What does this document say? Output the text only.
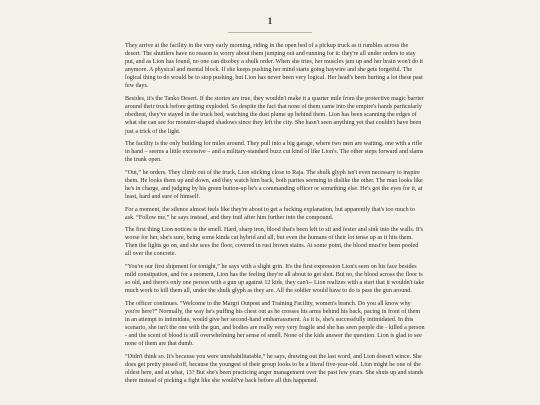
1

They arrive at the facility in the very early morning, riding in the open bed of a pickup truck as it rumbles across the desert. The shuttlers have no reason to worry about them jumping out and running for it: they're all under orders to stay put, and as Lion has found, no one can disobey a shulk order. When she tries, her muscles jam up and her brain won't do it anymore. A physical and mental block. If she keeps pushing her mind starts going haywire and she gets forgetful. The logical thing to do would be to stop pushing, but Lion has never been very logical. Her head's been hurting a lot these past few days.

Besides, it's the Tanko Desert. If the stories are true, they wouldn't make it a quarter mile from the protective magic barrier around their truck before getting exploded. So despite the fact that none of them came into the empire's hands particularly obedient, they've stayed in the truck bed, watching the dust plume up behind them. Lion has been scanning the edges of what she can see for monster-shaped shadows since they left the city. She hasn't seen anything yet that couldn't have been just a trick of the light.

The facility is the only building for miles around. They pull into a big garage, where two men are waiting, one with a rifle in hand – seems a little excessive – and a military-standard buzz cut kind of like Lion's. The other steps forward and slams the trunk open.

“Out,” he orders. They climb out of the truck, Lion sticking close to Raja. The shulk glyph isn't even necessary to inspire them. He looks them up and down, and they watch him back, both parties seeming to dislike the other. The man looks like he's in charge, and judging by his green button-up he's a commanding officer or something else. He's got the eyes for it, at least, hard and sure of himself.

For a moment, the silence almost feels like they're about to get a fucking explanation, but apparently that's too much to ask. “Follow me,” he says instead, and they trail after him further into the compound.

The first thing Lion notices is the smell. Hard, sharp iron, blood that's been left to sit and fester and sink into the walls. It's worse for her, she's sure, being some kinda cat hybrid and all, but even the humans of their lot tense up as it hits them. Then the lights go on, and she sees the floor, covered in rust brown stains. At some point, the blood must've been pooled all over the concrete.

“You're our first shipment for tonight,” he says with a slight grin. It's the first expression Lion's seen on his face besides mild constipation, and for a moment, Lion has the feeling they're all about to get shot. But no, the blood across the floor is so old, and there's only one person with a gun up against 12 kids, they can't-- Lion realizes with a start that it wouldn't take much work to kill them all, under the shulk glyph as they are. All the soldier would have to do is pass the gun around.

The officer continues. “Welcome to the Margri Outpost and Training Facility, women's branch. Do you all know why you're here?” Normally, the way he's puffing his chest out as he crosses his arms behind his back, pacing in front of them in an attempt to intimidate, would give her second-hand embarrassment. As it is, she's successfully intimidated. In this scenario, she isn't the one with the gun, and bodies are really very very fragile and she has seen people die - killed a person - and the scent of blood is still overwhelming her sense of smell. None of the kids answer the question. Lion is glad to see none of them are that dumb.

“Didn't think so. It's because you were unrehabilitatable,” he says, drawing out the last word, and Lion doesn't wince. She does get pretty pissed off, because the youngest of their group looks to be a literal five-year-old. Lion might be one of the oldest here, and at what, 13? But she's been practicing anger management over the past few years. She shuts up and stands there instead of picking a fight like she would've back before all this happened.
